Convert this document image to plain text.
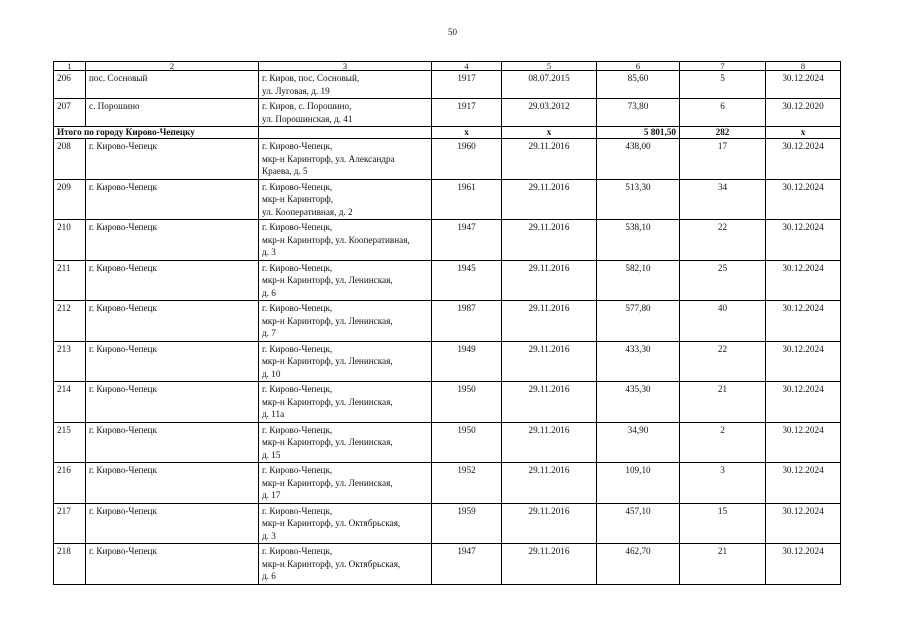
50
1	2	3	4	5	6	7	8
206	пос. Сосновый	г. Киров, пос. Сосновый,
ул. Луговая, д. 19	1917	08.07.2015	85,60	5	30.12.2024
207	с. Порошино	г. Киров, с. Порошино,
ул. Порошинская, д. 41	1917	29.03.2012	73,80	6	30.12.2020
Итого по городу Кирово-Чепецку			х	х	5 801,50	282	х
208	г. Кирово-Чепецк	г. Кирово-Чепецк,
мкр-н Каринторф, ул. Александра
Краева, д. 5	1960	29.11.2016	438,00	17	30.12.2024
209	г. Кирово-Чепецк	г. Кирово-Чепецк,
мкр-н Каринторф,
ул. Кооперативная, д. 2	1961	29.11.2016	513,30	34	30.12.2024
210	г. Кирово-Чепецк	г. Кирово-Чепецк,
мкр-н Каринторф, ул. Кооперативная,
д. 3	1947	29.11.2016	538,10	22	30.12.2024
211	г. Кирово-Чепецк	г. Кирово-Чепецк,
мкр-н Каринторф, ул. Ленинская,
д. 6	1945	29.11.2016	582,10	25	30.12.2024
212	г. Кирово-Чепецк	г. Кирово-Чепецк,
мкр-н Каринторф, ул. Ленинская,
д. 7	1987	29.11.2016	577,80	40	30.12.2024
213	г. Кирово-Чепецк	г. Кирово-Чепецк,
мкр-н Каринторф, ул. Ленинская,
д. 10	1949	29.11.2016	433,30	22	30.12.2024
214	г. Кирово-Чепецк	г. Кирово-Чепецк,
мкр-н Каринторф, ул. Ленинская,
д. 11а	1950	29.11.2016	435,30	21	30.12.2024
215	г. Кирово-Чепецк	г. Кирово-Чепецк,
мкр-н Каринторф, ул. Ленинская,
д. 15	1950	29.11.2016	34,90	2	30.12.2024
216	г. Кирово-Чепецк	г. Кирово-Чепецк,
мкр-н Каринторф, ул. Ленинская,
д. 17	1952	29.11.2016	109,10	3	30.12.2024
217	г. Кирово-Чепецк	г. Кирово-Чепецк,
мкр-н Каринторф, ул. Октябрьская,
д. 3	1959	29.11.2016	457,10	15	30.12.2024
218	г. Кирово-Чепецк	г. Кирово-Чепецк,
мкр-н Каринторф, ул. Октябрьская,
д. 6	1947	29.11.2016	462,70	21	30.12.2024
